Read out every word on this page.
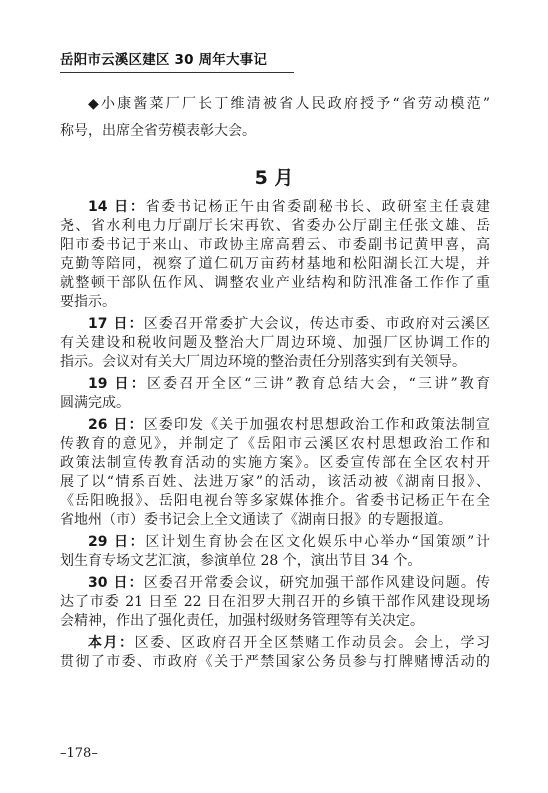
岳阳市云溪区建区 30 周年大事记
◆小康酱菜厂厂长丁维清被省人民政府授予“省劳动模范”
称号，出席全省劳模表彰大会。
5 月
14 日：省委书记杨正午由省委副秘书长、政研室主任袁建
尧、省水利电力厅副厅长宋再钦、省委办公厅副主任张文雄、岳
阳市委书记于来山、市政协主席高碧云、市委副书记黄甲喜，高
克勤等陪同，视察了道仁矶万亩药材基地和松阳湖长江大堤，并
就整顿干部队伍作风、调整农业产业结构和防汛准备工作作了重
要指示。
17 日：区委召开常委扩大会议，传达市委、市政府对云溪区
有关建设和税收问题及整治大厂周边环境、加强厂区协调工作的
指示。会议对有关大厂周边环境的整治责任分别落实到有关领导。
19 日：区委召开全区“三讲”教育总结大会，“三讲”教育
圆满完成。
26 日：区委印发《关于加强农村思想政治工作和政策法制宣
传教育的意见》，并制定了《岳阳市云溪区农村思想政治工作和
政策法制宣传教育活动的实施方案》。区委宣传部在全区农村开
展了以“情系百姓、法进万家”的活动，该活动被《湖南日报》、
《岳阳晚报》、岳阳电视台等多家媒体推介。省委书记杨正午在全
省地州（市）委书记会上全文通读了《湖南日报》的专题报道。
29 日：区计划生育协会在区文化娱乐中心举办“国策颂”计
划生育专场文艺汇演，参演单位 28 个，演出节目 34 个。
30 日：区委召开常委会议，研究加强干部作风建设问题。传
达了市委 21 日至 22 日在汨罗大荆召开的乡镇干部作风建设现场
会精神，作出了强化责任，加强村级财务管理等有关决定。
–178–
本月：区委、区政府召开全区禁赌工作动员会。会上，学习
贯彻了市委、市政府《关于严禁国家公务员参与打牌赌博活动的
